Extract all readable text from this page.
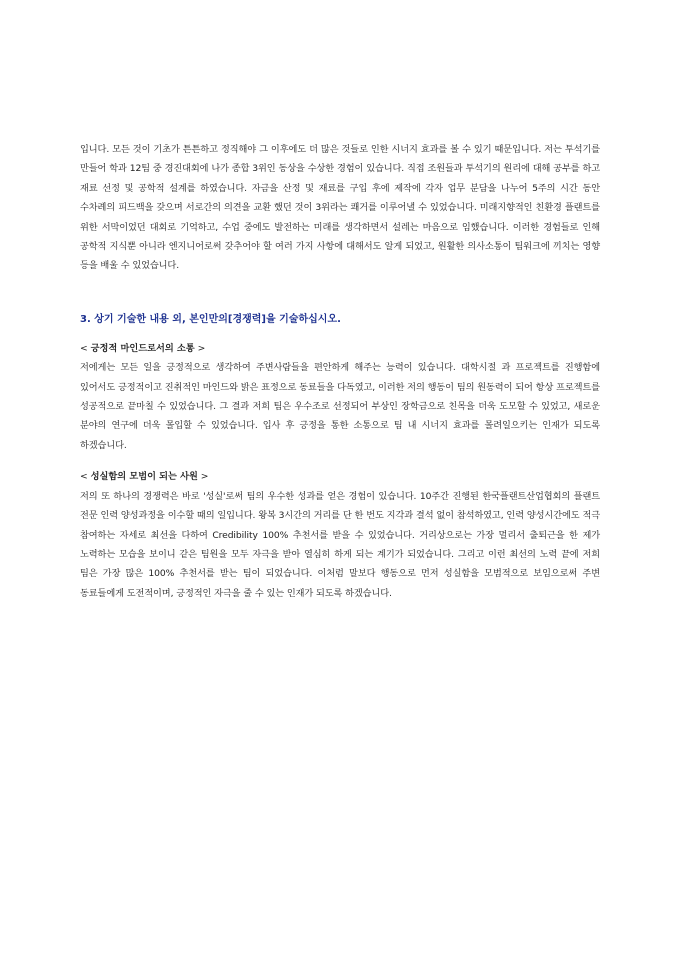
입니다. 모든 것이 기초가 튼튼하고 정직해야 그 이후에도 더 많은 것들로 인한 시너지 효과를 볼 수 있기 때문입니다. 저는 투석기를 만들어 학과 12팀 중 경진대회에 나가 종합 3위인 동상을 수상한 경험이 있습니다. 직접 조원들과 투석기의 원리에 대해 공부를 하고 재료 선정 및 공학적 설계를 하였습니다. 자금을 산정 및 재료를 구입 후에 제작에 각자 업무 분담을 나누어 5주의 시간 동안 수차례의 피드백을 갖으며 서로간의 의견을 교환 했던 것이 3위라는 쾌거를 이루어낼 수 있었습니다. 미래지향적인 친환경 플랜트를 위한 서막이었던 대회로 기억하고, 수업 중에도 발전하는 미래를 생각하면서 설레는 마음으로 임했습니다. 이러한 경험들로 인해 공학적 지식뿐 아니라 엔지니어로써 갖추어야 할 여러 가지 사항에 대해서도 알게 되었고, 원활한 의사소통이 팀워크에 끼치는 영향 등을 배울 수 있었습니다.

3. 상기 기술한 내용 외, 본인만의[경쟁력]을 기술하십시오.

< 긍정적 마인드로서의 소통 >

저에게는 모든 일을 긍정적으로 생각하여 주변사람들을 편안하게 해주는 능력이 있습니다. 대학시절 과 프로젝트를 진행함에 있어서도 긍정적이고 진취적인 마인드와 밝은 표정으로 동료들을 다독였고, 이러한 저의 행동이 팀의 원동력이 되어 항상 프로젝트를 성공적으로 끝마칠 수 있었습니다. 그 결과 저희 팀은 우수조로 선정되어 부상인 장학금으로 친목을 더욱 도모할 수 있었고, 새로운 분야의 연구에 더욱 몰입할 수 있었습니다. 입사 후 긍정을 통한 소통으로 팀 내 시너지 효과를 몰려일으키는 인재가 되도록 하겠습니다.

< 성실함의 모범이 되는 사원 >

저의 또 하나의 경쟁력은 바로 '성실'로써 팀의 우수한 성과를 얻은 경험이 있습니다. 10주간 진행된 한국플랜트산업협회의 플랜트 전문 인력 양성과정을 이수할 때의 일입니다. 왕복 3시간의 거리를 단 한 번도 지각과 결석 없이 참석하였고, 인력 양성시간에도 적극 참여하는 자세로 최선을 다하여 Credibility 100% 추천서를 받을 수 있었습니다. 거리상으로는 가장 멀리서 출퇴근을 한 제가 노력하는 모습을 보이니 같은 팀원을 모두 자극을 받아 열심히 하게 되는 계기가 되었습니다. 그리고 이런 최선의 노력 끝에 저희 팀은 가장 많은 100% 추천서를 받는 팀이 되었습니다. 이처럼 말보다 행동으로 먼저 성실함을 모범적으로 보임으로써 주변 동료들에게 도전적이며, 긍정적인 자극을 줄 수 있는 인재가 되도록 하겠습니다.
